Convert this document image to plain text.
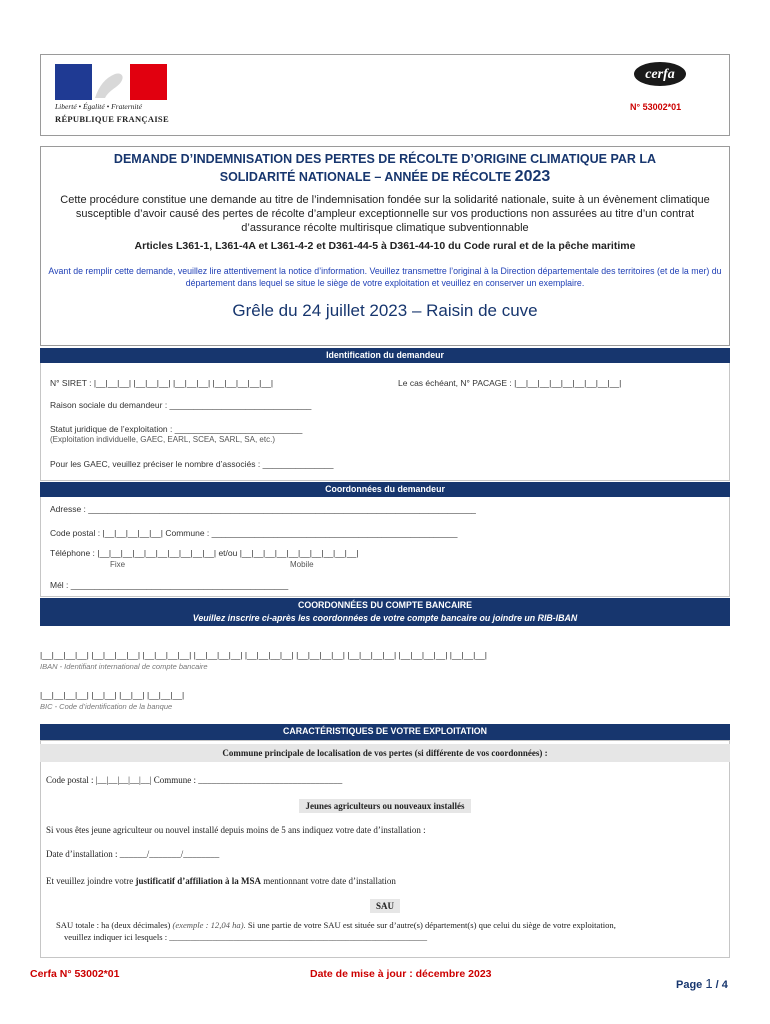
Liberté • Égalité • Fraternité
RÉPUBLIQUE FRANÇAISE
cerfa
N° 53002*01
DEMANDE D’INDEMNISATION DES PERTES DE RÉCOLTE D’ORIGINE CLIMATIQUE PAR LA
SOLIDARITÉ NATIONALE – ANNÉE DE RÉCOLTE 2023
Cette procédure constitue une demande au titre de l’indemnisation fondée sur la solidarité nationale, suite à un évènement climatique susceptible d’avoir causé des pertes de récolte d’ampleur exceptionnelle sur vos productions non assurées au titre d’un contrat d’assurance récolte multirisque climatique subventionnable
Articles L361-1, L361-4A et L361-4-2 et D361-44-5 à D361-44-10 du Code rural et de la pêche maritime
Avant de remplir cette demande, veuillez lire attentivement la notice d’information. Veuillez transmettre l’original à la Direction départementale des territoires (et de la mer) du département dans lequel se situe le siège de votre exploitation et veuillez en conserver un exemplaire.
Grêle du 24 juillet 2023 – Raisin de cuve
Identification du demandeur
N° SIRET : |__|__|__| |__|__|__| |__|__|__| |__|__|__|__|__|	Le cas échéant, N° PACAGE : |__|__|__|__|__|__|__|__|__|
Raison sociale du demandeur : ______________________________
Statut juridique de l’exploitation : ___________________________
(Exploitation individuelle, GAEC, EARL, SCEA, SARL, SA, etc.)
Pour les GAEC, veuillez préciser le nombre d’associés : _______________
Coordonnées du demandeur
Adresse : __________________________________________________________________________________
Code postal : |__|__|__|__|__| Commune : ____________________________________________________
Téléphone : |__|__|__|__|__|__|__|__|__|__| et/ou |__|__|__|__|__|__|__|__|__|__|
Fixe	Mobile
Mél : ______________________________________________
COORDONNÉES DU COMPTE BANCAIRE
Veuillez inscrire ci-après les coordonnées de votre compte bancaire ou joindre un RIB-IBAN
|__|__|__|__| |__|__|__|__| |__|__|__|__| |__|__|__|__| |__|__|__|__| |__|__|__|__| |__|__|__|__| |__|__|__|__| |__|__|__|
IBAN - Identifiant international de compte bancaire
|__|__|__|__| |__|__| |__|__| |__|__|__|
BIC - Code d’identification de la banque
CARACTÉRISTIQUES DE VOTRE EXPLOITATION
Commune principale de localisation de vos pertes (si différente de vos coordonnées) :
Code postal : |__|__|__|__|__| Commune : ________________________________
Jeunes agriculteurs ou nouveaux installés
Si vous êtes jeune agriculteur ou nouvel installé depuis moins de 5 ans indiquez votre date d’installation :
Date d’installation : ______/_______/________
Et veuillez joindre votre justificatif d’affiliation à la MSA mentionnant votre date d’installation
SAU
SAU totale : ha (deux décimales) (exemple : 12,04 ha). Si une partie de votre SAU est située sur d’autre(s) département(s) que celui du siège de votre exploitation,
veuillez indiquer ici lesquels : ____________________________________________________________
Cerfa N° 53002*01	Date de mise à jour : décembre 2023
Page 1 / 4
